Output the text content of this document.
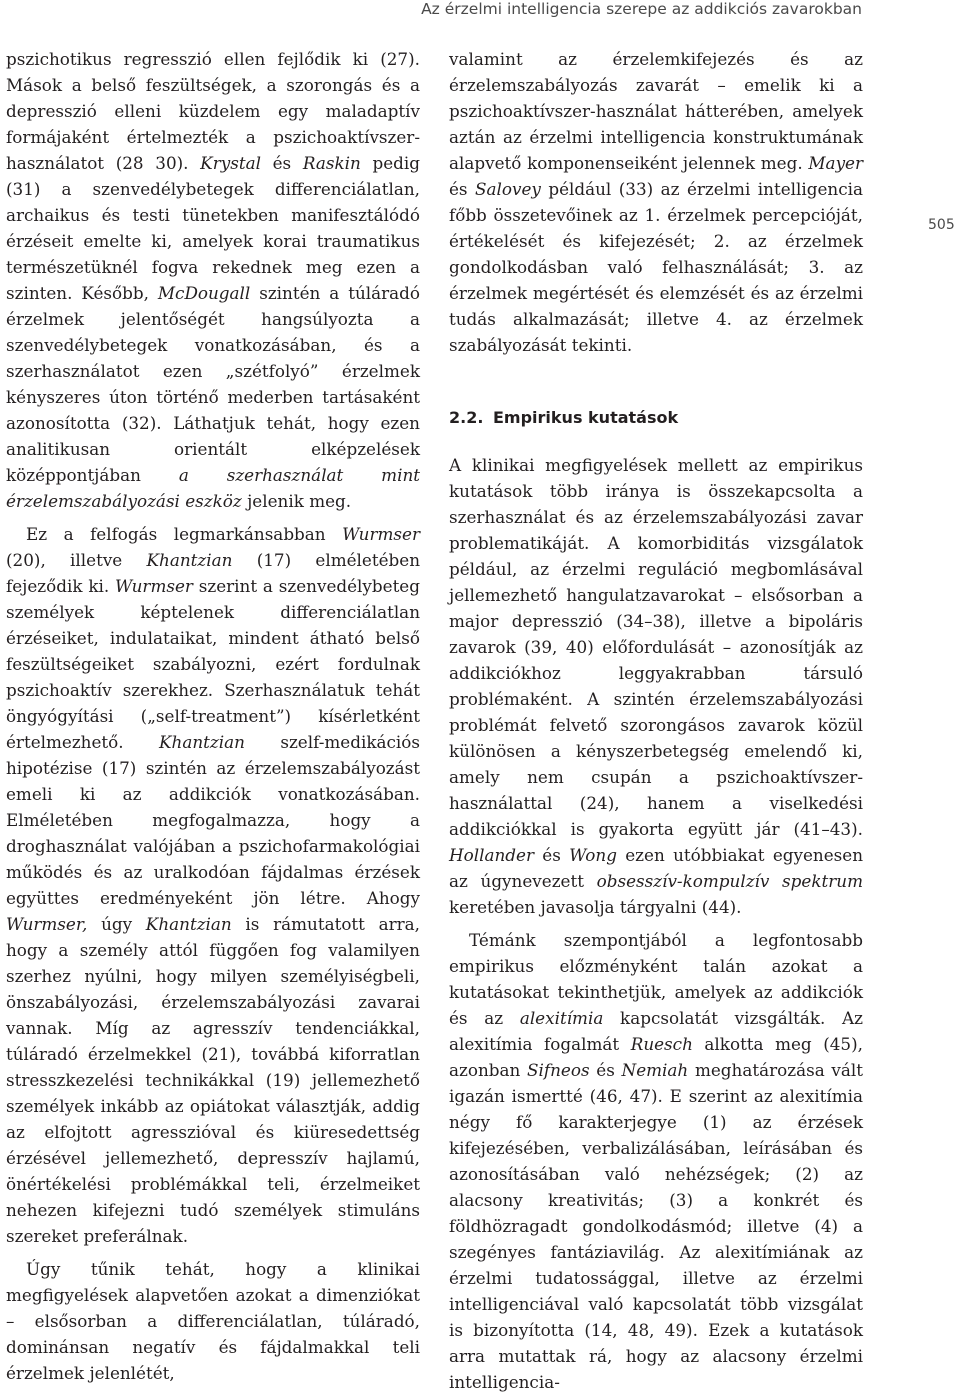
Az érzelmi intelligencia szerepe az addikciós zavarokban
505

pszichotikus regresszió ellen fejlődik ki (27). Mások a belső feszültségek, a szorongás és a depresszió elleni küzdelem egy maladaptív formájaként értelmezték a pszichoaktívszer-használatot (28 30). Krystal és Raskin pedig (31) a szenvedélybetegek differenciálatlan, archaikus és testi tünetekben manifesztálódó érzéseit emelte ki, amelyek korai traumatikus természetüknél fogva rekednek meg ezen a szinten. Később, McDougall szintén a túláradó érzelmek jelentőségét hangsúlyozta a szenvedélybetegek vonatkozásában, és a szerhasználatot ezen „szétfolyó” érzelmek kényszeres úton történő mederben tartásaként azonosította (32). Láthatjuk tehát, hogy ezen analitikusan orientált elképzelések középpontjában a szerhasználat mint érzelemszabályozási eszköz jelenik meg.

Ez a felfogás legmarkánsabban Wurmser (20), illetve Khantzian (17) elméletében fejeződik ki. Wurmser szerint a szenvedélybeteg személyek képtelenek differenciálatlan érzéseiket, indulataikat, mindent átható belső feszültségeiket szabályozni, ezért fordulnak pszichoaktív szerekhez. Szerhasználatuk tehát öngyógyítási („self-treatment”) kísérletként értelmezhető. Khantzian szelf-medikációs hipotézise (17) szintén az érzelemszabályozást emeli ki az addikciók vonatkozásában. Elméletében megfogalmazza, hogy a droghasználat valójában a pszichofarmakológiai működés és az uralkodóan fájdalmas érzések együttes eredményeként jön létre. Ahogy Wurmser, úgy Khantzian is rámutatott arra, hogy a személy attól függően fog valamilyen szerhez nyúlni, hogy milyen személyiségbeli, önszabályozási, érzelemszabályozási zavarai vannak. Míg az agresszív tendenciákkal, túláradó érzelmekkel (21), továbbá kiforratlan stresszkezelési technikákkal (19) jellemezhető személyek inkább az opiátokat választják, addig az elfojtott agresszióval és kiüresedettség érzésével jellemezhető, depresszív hajlamú, önértékelési problémákkal teli, érzelmeiket nehezen kifejezni tudó személyek stimuláns szereket preferálnak.

Úgy tűnik tehát, hogy a klinikai megfigyelések alapvetően azokat a dimenziókat – elsősorban a differenciálatlan, túláradó, dominánsan negatív és fájdalmakkal teli érzelmek jelenlétét,

valamint az érzelemkifejezés és az érzelemszabályozás zavarát – emelik ki a pszichoaktívszer-használat hátterében, amelyek aztán az érzelmi intelligencia konstruktumának alapvető komponenseiként jelennek meg. Mayer és Salovey például (33) az érzelmi intelligencia főbb összetevőinek az 1. érzelmek percepcióját, értékelését és kifejezését; 2. az érzelmek gondolkodásban való felhasználását; 3. az érzelmek megértését és elemzését és az érzelmi tudás alkalmazását; illetve 4. az érzelmek szabályozását tekinti.

2.2. Empirikus kutatások

A klinikai megfigyelések mellett az empirikus kutatások több iránya is összekapcsolta a szerhasználat és az érzelemszabályozási zavar problematikáját. A komorbiditás vizsgálatok például, az érzelmi reguláció megbomlásával jellemezhető hangulatzavarokat – elsősorban a major depresszió (34–38), illetve a bipoláris zavarok (39, 40) előfordulását – azonosítják az addikciókhoz leggyakrabban társuló problémaként. A szintén érzelemszabályozási problémát felvető szorongásos zavarok közül különösen a kényszerbetegség emelendő ki, amely nem csupán a pszichoaktívszer-használattal (24), hanem a viselkedési addikciókkal is gyakorta együtt jár (41–43). Hollander és Wong ezen utóbbiakat egyenesen az úgynevezett obsesszív-kompulzív spektrum keretében javasolja tárgyalni (44).

Témánk szempontjából a legfontosabb empirikus előzményként talán azokat a kutatásokat tekinthetjük, amelyek az addikciók és az alexitímia kapcsolatát vizsgálták. Az alexitímia fogalmát Ruesch alkotta meg (45), azonban Sifneos és Nemiah meghatározása vált igazán ismertté (46, 47). E szerint az alexitímia négy fő karakterjegye (1) az érzések kifejezésében, verbalizálásában, leírásában és azonosításában való nehézségek; (2) az alacsony kreativitás; (3) a konkrét és földhözragadt gondolkodásmód; illetve (4) a szegényes fantáziavilág. Az alexitímiának az érzelmi tudatossággal, illetve az érzelmi intelligenciával való kapcsolatát több vizsgálat is bizonyította (14, 48, 49). Ezek a kutatások arra mutattak rá, hogy az alacsony érzelmi intelligencia-
